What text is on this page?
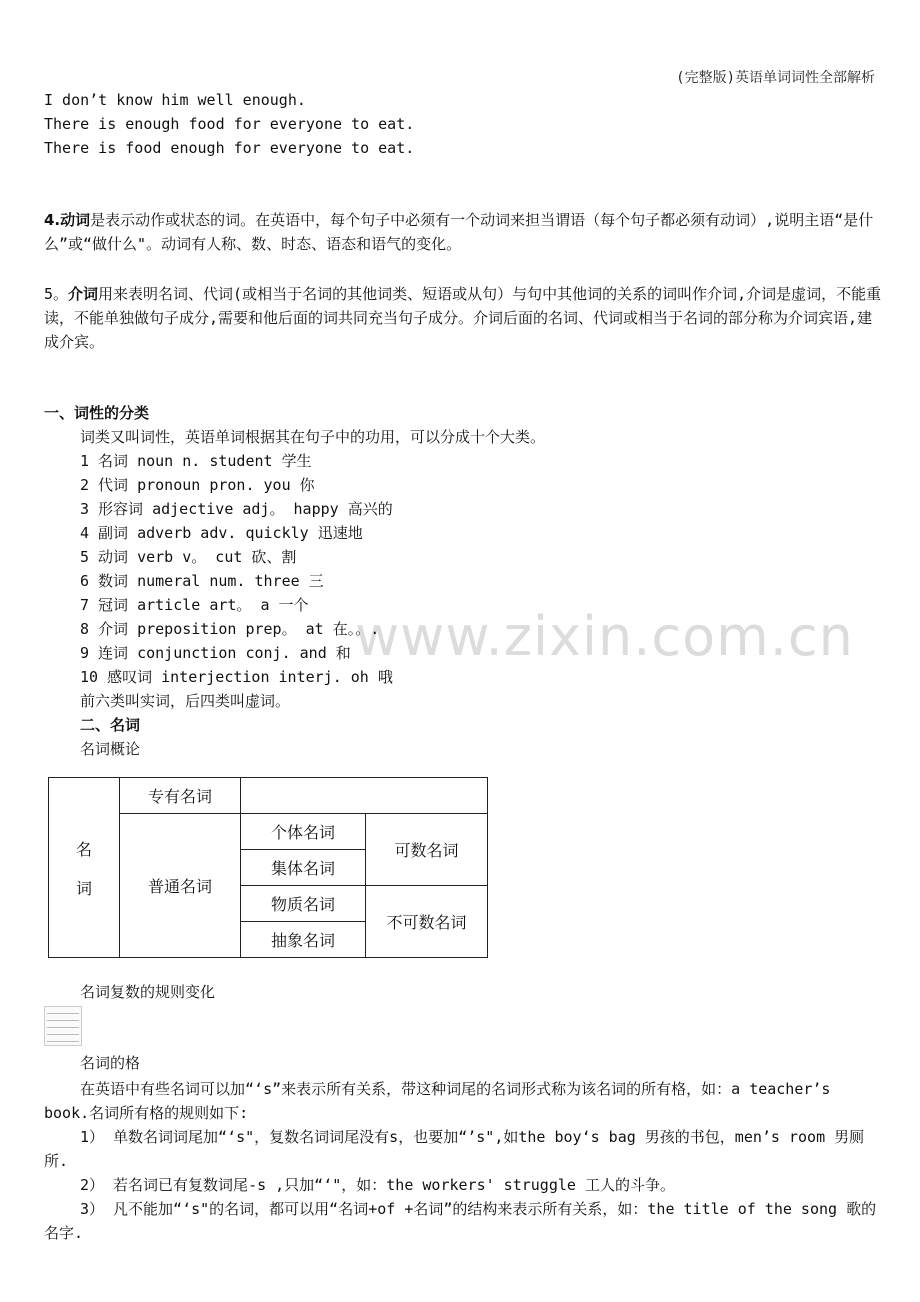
(完整版)英语单词词性全部解析
I don’t know him well enough.
There is enough food for everyone to eat.
There is food enough for everyone to eat.
4.动词是表示动作或状态的词。在英语中，每个句子中必须有一个动词来担当谓语（每个句子都必须有动词）,说明主语“是什么”或“做什么"。动词有人称、数、时态、语态和语气的变化。
5。介词用来表明名词、代词(或相当于名词的其他词类、短语或从句）与句中其他词的关系的词叫作介词,介词是虚词，不能重读，不能单独做句子成分,需要和他后面的词共同充当句子成分。介词后面的名词、代词或相当于名词的部分称为介词宾语,建成介宾。
www.zixin.com.cn
一、词性的分类
词类又叫词性，英语单词根据其在句子中的功用，可以分成十个大类。
1 名词 noun n. student 学生
2 代词 pronoun pron. you 你
3 形容词 adjective adj。 happy 高兴的
4 副词 adverb adv. quickly 迅速地
5 动词 verb v。 cut 砍、割
6 数词 numeral num. three 三
7 冠词 article art。 a 一个
8 介词 preposition prep。 at 在。。.
9 连词 conjunction conj. and 和
10 感叹词 interjection interj. oh 哦
前六类叫实词，后四类叫虚词。
二、名词
名词概论
名
词	专有名词		
	普通名词	个体名词	可数名词
		集体名词	
		物质名词	不可数名词
		抽象名词	
名词复数的规则变化
名词的格
在英语中有些名词可以加“‘s”来表示所有关系，带这种词尾的名词形式称为该名词的所有格，如：a teacher’s book.名词所有格的规则如下:
1） 单数名词词尾加“‘s"，复数名词词尾没有s，也要加“’s",如the boy‘s bag 男孩的书包，men’s room 男厕所.
2） 若名词已有复数词尾-s ,只加“‘"，如：the workers' struggle 工人的斗争。
3） 凡不能加“‘s"的名词，都可以用“名词+of +名词”的结构来表示所有关系，如：the title of the song 歌的名字.
